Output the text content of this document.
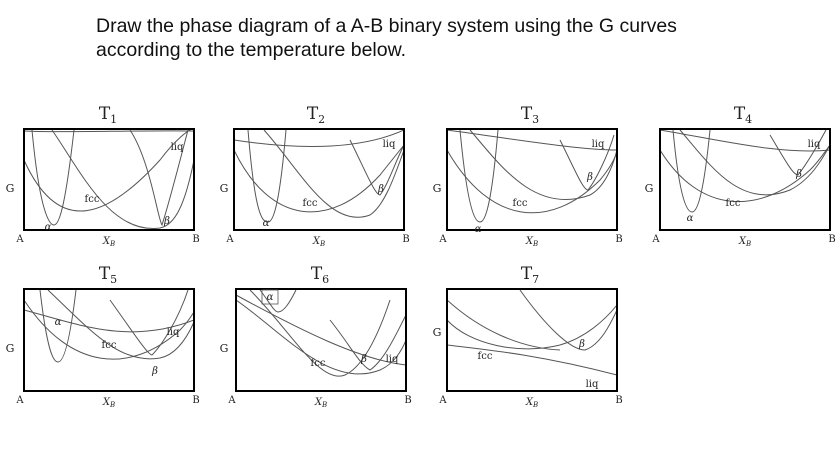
Draw the phase diagram of a A-B binary system using the G curves
according to the temperature below.
$T_1$
G
A	B
$X_B$
liq
fcc
α
β
$T_2$
G
A	B
$X_B$
liq
fcc
α
β
$T_3$
G
A	B
$X_B$
liq
fcc
α
β
$T_4$
G
A	B
$X_B$
liq
fcc
α
β
$T_5$
G
A	B
$X_B$
liq
fcc
α
β
$T_6$
G
A	B
$X_B$
liq
fcc
α
β
$T_7$
G
A	B
$X_B$
liq
fcc
β
